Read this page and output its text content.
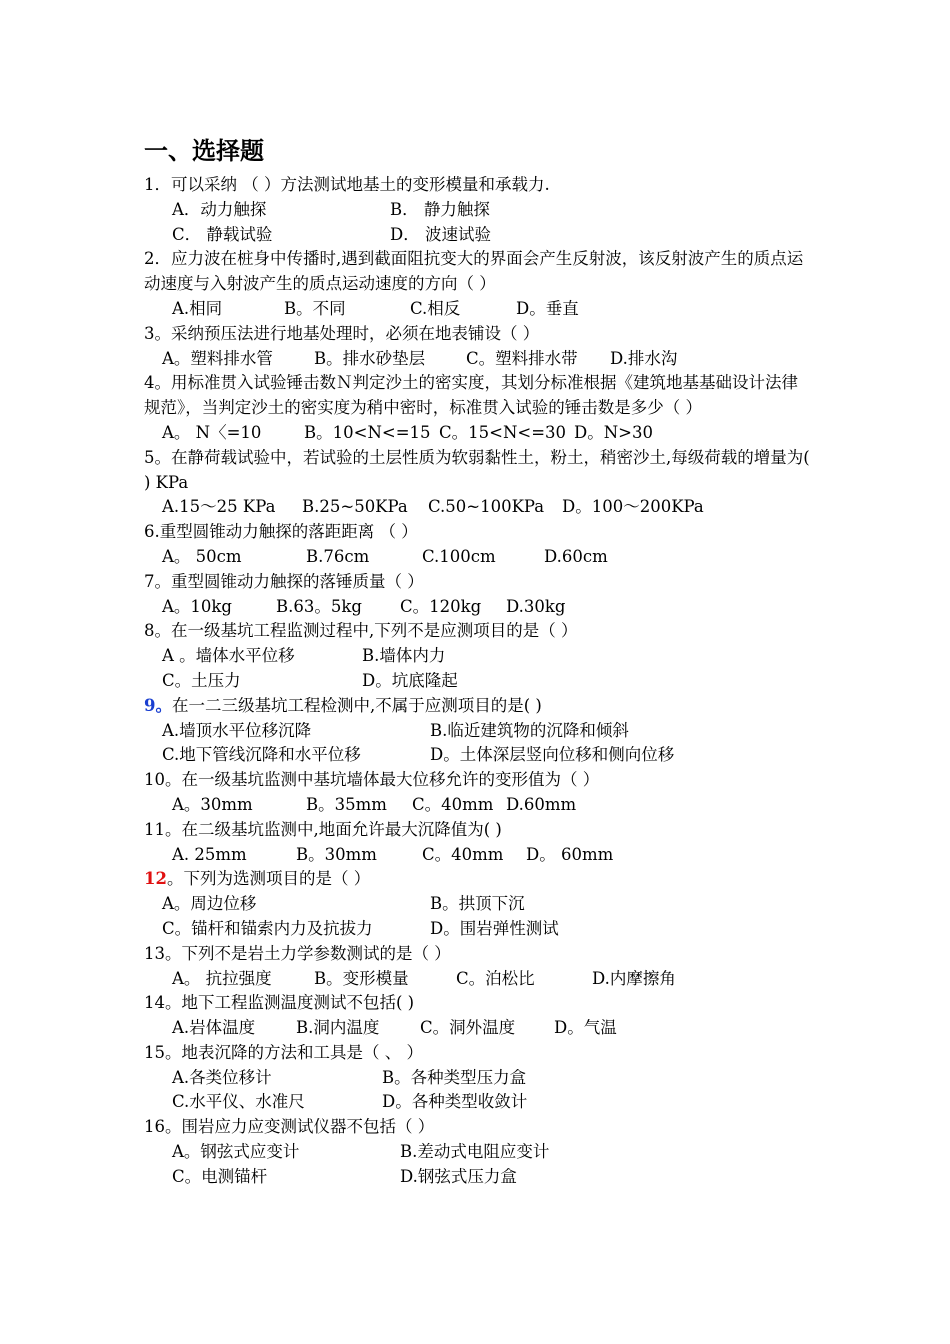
一、选择题
1．可以采纳 （ ）方法测试地基土的变形模量和承载力.
A．动力触探	B． 静力触探
C． 静载试验	D． 波速试验
2．应力波在桩身中传播时,遇到截面阻抗变大的界面会产生反射波，该反射波产生的质点运动速度与入射波产生的质点运动速度的方向（ ）
A.相同	B。不同	C.相反	D。垂直
3。采纳预压法进行地基处理时，必须在地表铺设（ ）
A。塑料排水管 B。排水砂垫层 C。塑料排水带 D.排水沟
4。用标准贯入试验锤击数Ｎ判定沙土的密实度，其划分标准根据《建筑地基基础设计法律规范》，当判定沙土的密实度为稍中密时，标准贯入试验的锤击数是多少（ ）
A。 N〈=10	B。10<N<=15 C。15<N<=30 D。N>30
5。在静荷载试验中，若试验的土层性质为软弱黏性土，粉土，稍密沙土,每级荷载的增量为( ) KPa
A.15～25 KPa B.25~50KPa C.50~100KPa D。100～200KPa
6.重型圆锥动力触探的落距距离 （ ）
A。 50cm	B.76cm	C.100cm	D.60cm
7。重型圆锥动力触探的落锤质量（ ）
A。10kg	B.63。5kg C。120kg D.30kg
8。在一级基坑工程监测过程中,下列不是应测项目的是（ ）
A 。墙体水平位移	B.墙体内力
C。土压力	D。坑底隆起
9。在一二三级基坑工程检测中,不属于应测项目的是( )
A.墙顶水平位移沉降	B.临近建筑物的沉降和倾斜
C.地下管线沉降和水平位移	D。土体深层竖向位移和侧向位移
10。在一级基坑监测中基坑墙体最大位移允许的变形值为（ ）
A。30mm	B。35mm C。40mm D.60mm
11。在二级基坑监测中,地面允许最大沉降值为( )
A. 25mm	B。30mm	C。40mm D。 60mm
12。下列为选测项目的是（ ）
A。周边位移	B。拱顶下沉
C。锚杆和锚索内力及抗拔力	D。围岩弹性测试
13。下列不是岩土力学参数测试的是（ ）
A。 抗拉强度	B。变形模量	C。泊松比	D.内摩擦角
14。地下工程监测温度测试不包括( )
A.岩体温度 B.洞内温度 C。洞外温度 D。气温
15。地表沉降的方法和工具是（ 、 ）
A.各类位移计	B。各种类型压力盒
C.水平仪、水准尺	D。各种类型收敛计
16。围岩应力应变测试仪器不包括（ ）
A。钢弦式应变计	B.差动式电阻应变计
C。电测锚杆	D.钢弦式压力盒
